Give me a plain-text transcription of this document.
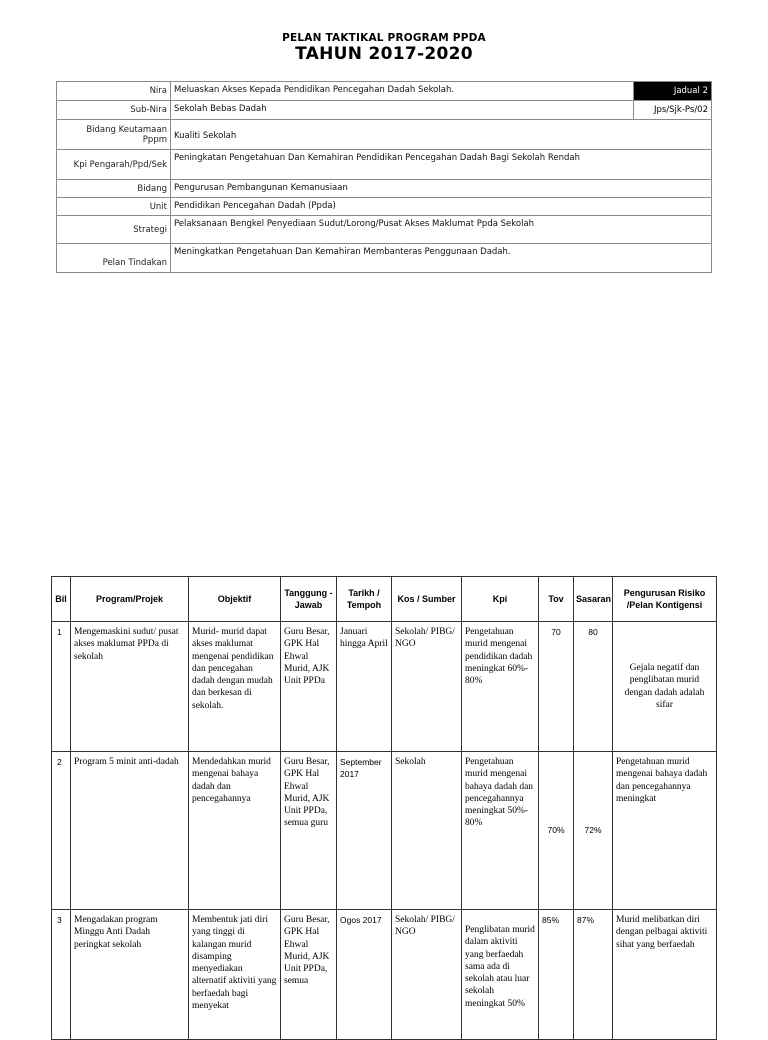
PELAN TAKTIKAL PROGRAM PPDA
TAHUN 2017-2020
Nira	Meluaskan Akses Kepada Pendidikan Pencegahan Dadah Sekolah.	Jadual 2
Sub-Nira	Sekolah Bebas Dadah	Jps/Sjk-Ps/02
Bidang Keutamaan Pppm	Kualiti Sekolah	
Kpi Pengarah/Ppd/Sek	Peningkatan Pengetahuan Dan Kemahiran Pendidikan Pencegahan Dadah Bagi Sekolah Rendah	
Bidang	Pengurusan Pembangunan Kemanusiaan	
Unit	Pendidikan Pencegahan Dadah (Ppda)	
Strategi	Pelaksanaan Bengkel Penyediaan Sudut/Lorong/Pusat Akses Maklumat Ppda Sekolah	
Pelan Tindakan	Meningkatkan Pengetahuan Dan Kemahiran Membanteras Penggunaan Dadah.	
Bil	Program/Projek	Objektif	Tanggung -Jawab	Tarikh / Tempoh	Kos / Sumber	Kpi	Tov	Sasaran	Pengurusan Risiko /Pelan Kontigensi
1	Mengemaskini sudut/ pusat akses maklumat PPDa di sekolah	Murid- murid dapat akses maklumat mengenai pendidikan dan pencegahan dadah dengan mudah dan berkesan di sekolah.	Guru Besar, GPK Hal Ehwal Murid, AJK Unit PPDa	Januari hingga April	Sekolah/ PIBG/ NGO	Pengetahuan murid mengenai pendidikan dadah meningkat 60%- 80%	70	80	Gejala negatif dan penglibatan murid dengan dadah adalah sifar
2	Program 5 minit anti-dadah	Mendedahkan murid mengenai bahaya dadah dan pencegahannya	Guru Besar, GPK Hal Ehwal Murid, AJK Unit PPDa, semua guru	September 2017	Sekolah	Pengetahuan murid mengenai bahaya dadah dan pencegahannya meningkat 50%- 80%	70%	72%	Pengetahuan murid mengenai bahaya dadah dan pencegahannya meningkat
3	Mengadakan program Minggu Anti Dadah peringkat sekolah	Membentuk jati diri yang tinggi di kalangan murid disamping menyediakan alternatif aktiviti yang berfaedah bagi menyekat	Guru Besar, GPK Hal Ehwal Murid, AJK Unit PPDa, semua	Ogos 2017	Sekolah/ PIBG/ NGO	Penglibatan murid dalam aktiviti yang berfaedah sama ada di sekolah atau luar sekolah meningkat 50%	85%	87%	Murid melibatkan diri dengan pelbagai aktiviti sihat yang berfaedah
